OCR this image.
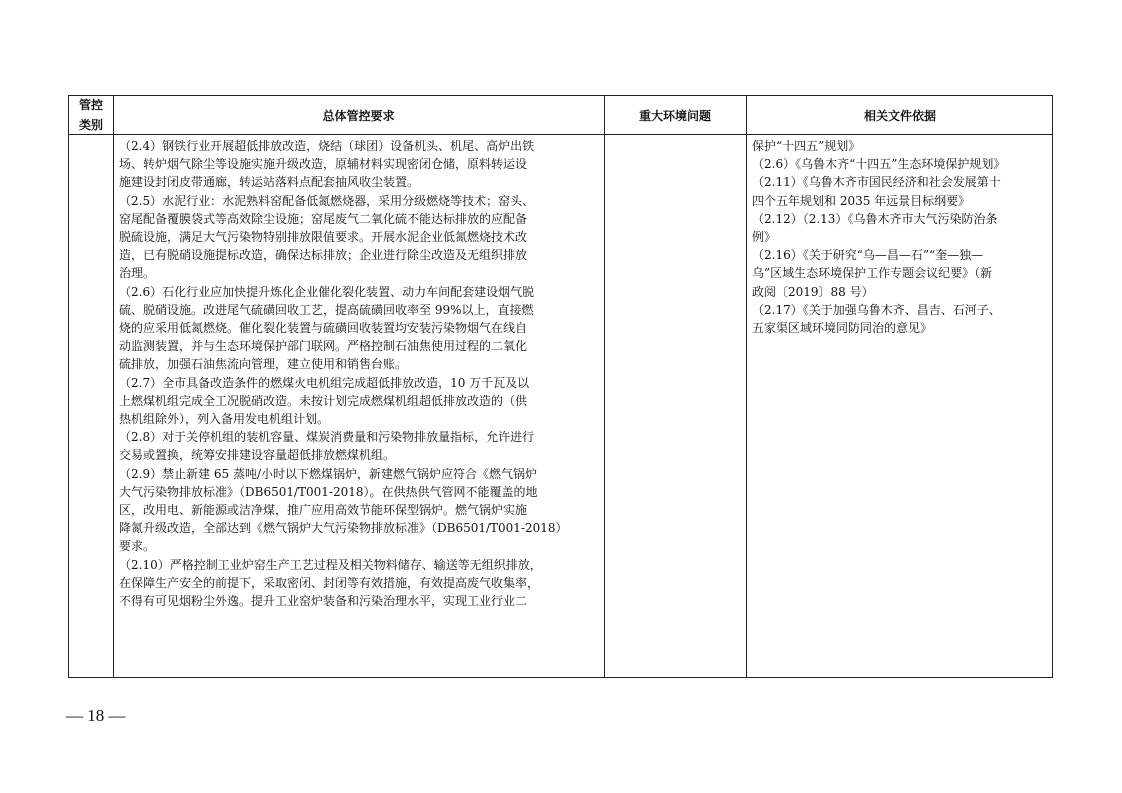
管控
类别
总体管控要求	重大环境问题	相关文件依据

（2.4）钢铁行业开展超低排放改造，烧结（球团）设备机头、机尾、高炉出铁

场、转炉烟气除尘等设施实施升级改造，原辅材料实现密闭仓储，原料转运设

施建设封闭皮带通廊，转运站落料点配套抽风收尘装置。

（2.5）水泥行业：水泥熟料窑配备低氮燃烧器，采用分级燃烧等技术；窑头、

窑尾配备覆膜袋式等高效除尘设施；窑尾废气二氧化硫不能达标排放的应配备

脱硫设施，满足大气污染物特别排放限值要求。开展水泥企业低氮燃烧技术改

造，已有脱硝设施提标改造，确保达标排放；企业进行除尘改造及无组织排放

治理。

（2.6）石化行业应加快提升炼化企业催化裂化装置、动力车间配套建设烟气脱

硫、脱硝设施。改进尾气硫磺回收工艺，提高硫磺回收率至 99%以上，直接燃

烧的应采用低氮燃烧。催化裂化装置与硫磺回收装置均安装污染物烟气在线自

动监测装置，并与生态环境保护部门联网。严格控制石油焦使用过程的二氧化

硫排放，加强石油焦流向管理，建立使用和销售台账。

（2.7）全市具备改造条件的燃煤火电机组完成超低排放改造，10 万千瓦及以

上燃煤机组完成全工况脱硝改造。未按计划完成燃煤机组超低排放改造的（供

热机组除外），列入备用发电机组计划。

（2.8）对于关停机组的装机容量、煤炭消费量和污染物排放量指标，允许进行

交易或置换，统筹安排建设容量超低排放燃煤机组。

（2.9）禁止新建 65 蒸吨/小时以下燃煤锅炉，新建燃气锅炉应符合《燃气锅炉

大气污染物排放标准》（DB6501/T001-2018）。在供热供气管网不能覆盖的地

区，改用电、新能源或洁净煤，推广应用高效节能环保型锅炉。燃气锅炉实施

降氮升级改造，全部达到《燃气锅炉大气污染物排放标准》（DB6501/T001-2018）

要求。

（2.10）严格控制工业炉窑生产工艺过程及相关物料储存、输送等无组织排放，

在保障生产安全的前提下，采取密闭、封闭等有效措施，有效提高废气收集率，

不得有可见烟粉尘外逸。提升工业窑炉装备和污染治理水平，实现工业行业二

保护“十四五”规划》

（2.6）《乌鲁木齐“十四五”生态环境保护规划》

（2.11）《乌鲁木齐市国民经济和社会发展第十

四个五年规划和 2035 年远景目标纲要》

（2.12）（2.13）《乌鲁木齐市大气污染防治条

例》

（2.16）《关于研究“乌—昌—石”“奎—独—

乌”区域生态环境保护工作专题会议纪要》（新

政阅〔2019〕88 号）

（2.17）《关于加强乌鲁木齐、昌吉、石河子、

五家渠区域环境同防同治的意见》

— 18 —
